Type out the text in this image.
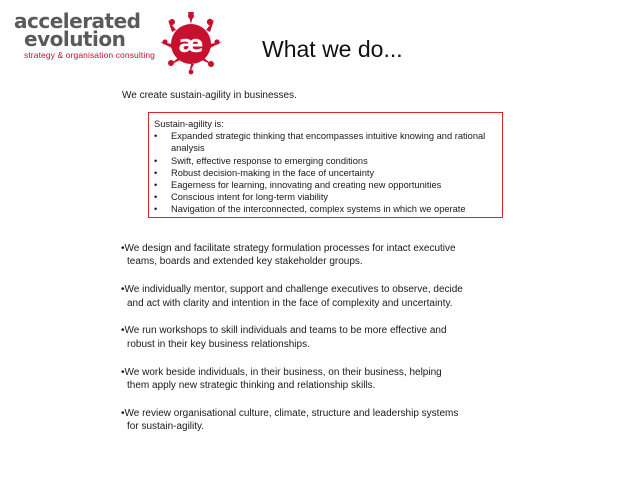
accelerated
evolution
strategy & organisation consulting æ	What we do...
We create sustain-agility in businesses.
Sustain-agility is:
• Expanded strategic thinking that encompasses intuitive knowing and rational
analysis
• Swift, effective response to emerging conditions
• Robust decision-making in the face of uncertainty
• Eagerness for learning, innovating and creating new opportunities
• Conscious intent for long-term viability
• Navigation of the interconnected, complex systems in which we operate

•We design and facilitate strategy formulation processes for intact executive
teams, boards and extended key stakeholder groups.

•We individually mentor, support and challenge executives to observe, decide
and act with clarity and intention in the face of complexity and uncertainty.

•We run workshops to skill individuals and teams to be more effective and
robust in their key business relationships.

•We work beside individuals, in their business, on their business, helping
them apply new strategic thinking and relationship skills.

•We review organisational culture, climate, structure and leadership systems
for sustain-agility.
